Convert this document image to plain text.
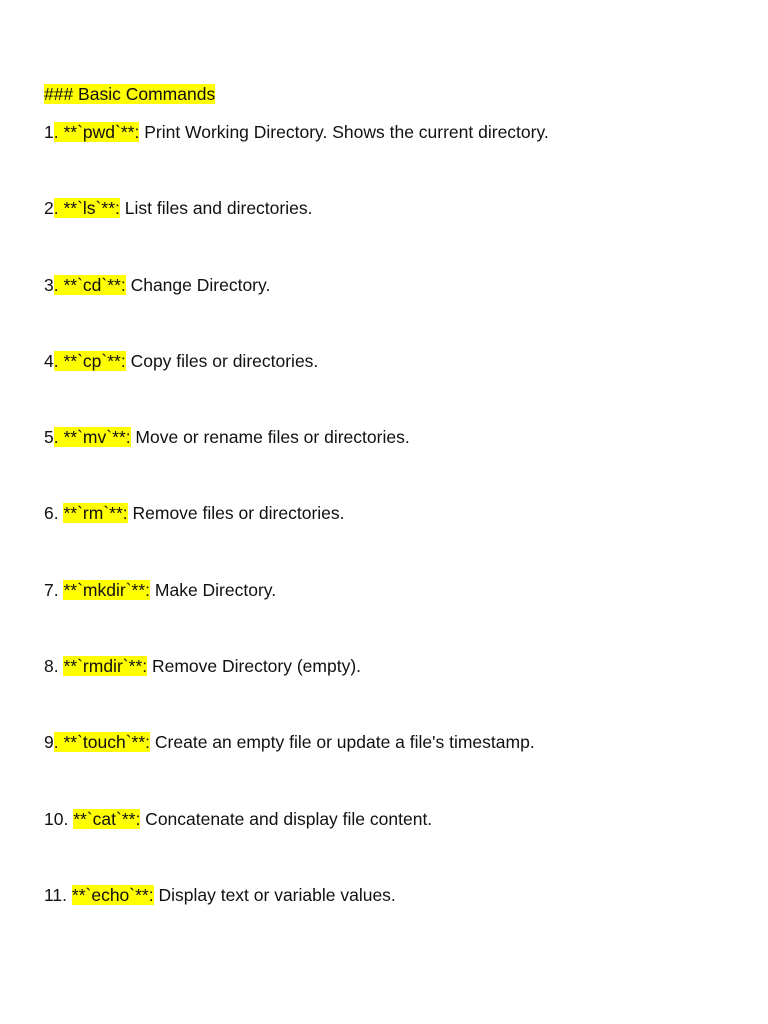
### Basic Commands
1. **`pwd`**: Print Working Directory. Shows the current directory.
2. **`ls`**: List files and directories.
3. **`cd`**: Change Directory.
4. **`cp`**: Copy files or directories.
5. **`mv`**: Move or rename files or directories.
6. **`rm`**: Remove files or directories.
7. **`mkdir`**: Make Directory.
8. **`rmdir`**: Remove Directory (empty).
9. **`touch`**: Create an empty file or update a file's timestamp.
10. **`cat`**: Concatenate and display file content.
11. **`echo`**: Display text or variable values.
